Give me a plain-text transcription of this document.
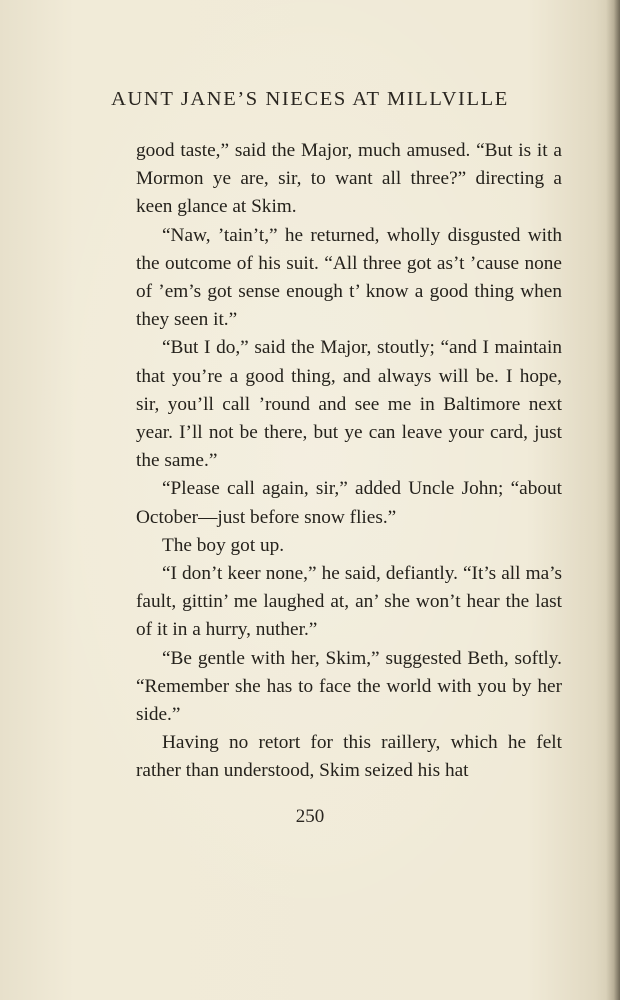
AUNT JANE’S NIECES AT MILLVILLE

good taste,” said the Major, much amused. “But is it a Mormon ye are, sir, to want all three?” directing a keen glance at Skim.

“Naw, ’tain’t,” he returned, wholly disgusted with the outcome of his suit. “All three got as’t ’cause none of ’em’s got sense enough t’ know a good thing when they seen it.”

“But I do,” said the Major, stoutly; “and I maintain that you’re a good thing, and always will be. I hope, sir, you’ll call ’round and see me in Baltimore next year. I’ll not be there, but ye can leave your card, just the same.”

“Please call again, sir,” added Uncle John; “about October—just before snow flies.”

The boy got up.

“I don’t keer none,” he said, defiantly. “It’s all ma’s fault, gittin’ me laughed at, an’ she won’t hear the last of it in a hurry, nuther.”

“Be gentle with her, Skim,” suggested Beth, softly. “Remember she has to face the world with you by her side.”

Having no retort for this raillery, which he felt rather than understood, Skim seized his hat

250
